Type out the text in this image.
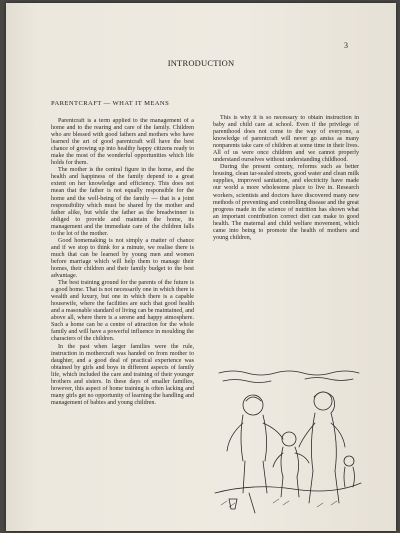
3
INTRODUCTION
PARENTCRAFT — WHAT IT MEANS

Parentcraft is a term applied to the management of a home and to the rearing and care of the family. Children who are blessed with good fathers and mothers who have learned the art of good parentcraft will have the best chance of growing up into healthy happy citizens ready to make the most of the wonderful opportunities which life holds for them.

The mother is the central figure in the home, and the health and happiness of the family depend to a great extent on her knowledge and efficiency. This does not mean that the father is not equally responsible for the home and the well-being of the family — that is a joint responsibility which must be shared by the mother and father alike, but while the father as the breadwinner is obliged to provide and maintain the home, its management and the immediate care of the children falls to the lot of the mother.

Good homemaking is not simply a matter of chance and if we stop to think for a minute, we realise there is much that can be learned by young men and women before marriage which will help them to manage their homes, their children and their family budget to the best advantage.

The best training ground for the parents of the future is a good home. That is not necessarily one in which there is wealth and luxury, but one in which there is a capable housewife, where the facilities are such that good health and a reasonable standard of living can be maintained, and above all, where there is a serene and happy atmosphere. Such a home can be a centre of attraction for the whole family and will have a powerful influence in moulding the characters of the children.

In the past when larger families were the rule, instruction in mothercraft was handed on from mother to daughter, and a good deal of practical experience was obtained by girls and boys in different aspects of family life, which included the care and training of their younger brothers and sisters. In these days of smaller families, however, this aspect of home training is often lacking and many girls get no opportunity of learning the handling and management of babies and young children.

This is why it is so necessary to obtain instruction in baby and child care at school. Even if the privilege of parenthood does not come to the way of everyone, a knowledge of parentcraft will never go amiss as many nonparents take care of children at some time in their lives. All of us were once children and we cannot properly understand ourselves without understanding childhood.

During the present century, reforms such as better housing, clean tar-sealed streets, good water and clean milk supplies, improved sanitation, and electricity have made our world a more wholesome place to live in. Research workers, scientists and doctors have discovered many new methods of preventing and controlling disease and the great progress made in the science of nutrition has shown what an important contribution correct diet can make to good health. The maternal and child welfare movement, which came into being to promote the health of mothers and young children,
